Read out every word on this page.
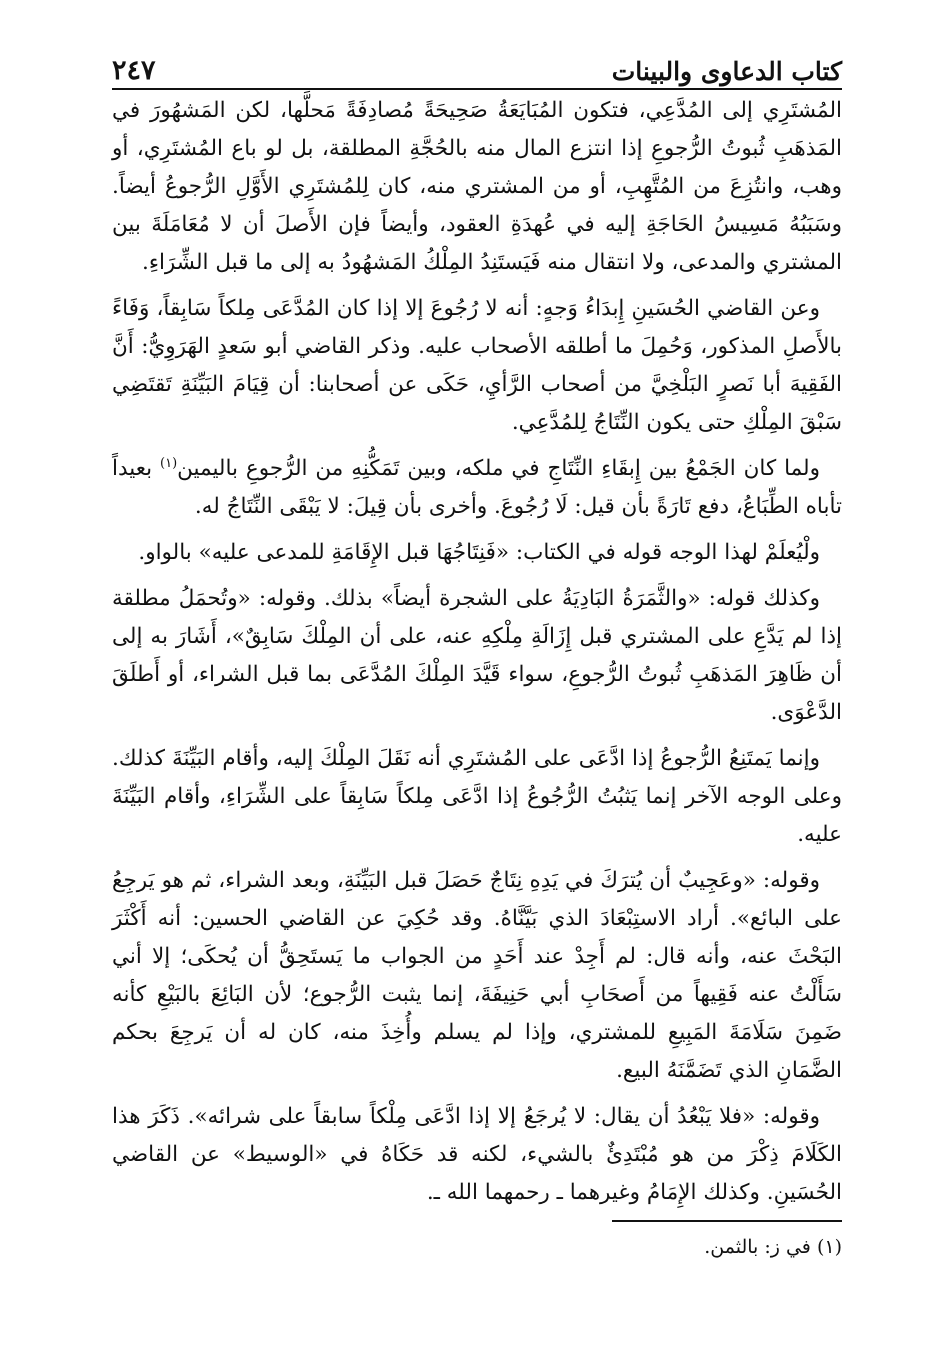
كتاب الدعاوى والبينات
٢٤٧

المُشتَرِي إلى المُدَّعِي، فتكون المُبَايَعَةُ صَحِيحَةً مُصادِفَةً مَحلَّها، لكن المَشهُورَ في المَذهَبِ ثُبوتُ الرُّجوعِ إذا انتزع المال منه بالحُجَّةِ المطلقة، بل لو باع المُشتَرِي، أو وهب، وانتُزِعَ من المُتَّهِبِ، أو من المشتري منه، كان لِلمُشتَرِي الأَوَّلِ الرُّجوعُ أيضاً. وسَبَبُهُ مَسِيسُ الحَاجَةِ إليه في عُهدَةِ العقود، وأيضاً فإن الأَصلَ أن لا مُعَامَلَةَ بين المشتري والمدعى، ولا انتقال منه فَيَستَنِدُ المِلْكُ المَشهُودُ به إلى ما قبل الشِّرَاءِ.

وعن القاضي الحُسَينِ إِبدَاءُ وَجهٍ: أنه لا رُجُوعَ إلا إذا كان المُدَّعَى مِلكاً سَابِقاً، وَفَاءً بالأَصلِ المذكور، وَحُمِلَ ما أطلقه الأصحاب عليه. وذكر القاضي أبو سَعدٍ الهَرَوِيُّ: أَنَّ الفَقِيهَ أبا نَصرٍ البَلْخِيَّ من أصحاب الرَّأيِ، حَكَى عن أصحابنا: أن قِيَامَ البَيِّنَةِ تَقتَضِي سَبْقَ المِلْكِ حتى يكون النِّتَاجُ لِلمُدَّعِي.

ولما كان الجَمْعُ بين إِبقَاءِ النِّتَاجِ في ملكه، وبين تَمَكُّنِهِ من الرُّجوعِ باليمين$^{(١)}$ بعيداً تأباه الطِّبَاعُ، دفع تَارَةً بأن قيل: لَا رُجُوعَ. وأخرى بأن قِيلَ: لا يَبْقَى النِّتَاجُ له.

ولْيُعلَمْ لهذا الوجه قوله في الكتاب: «فَنِتَاجُهَا قبل الإِقَامَةِ للمدعى عليه» بالواو.

وكذلك قوله: «والثَّمَرَةُ البَادِيَةُ على الشجرة أيضاً» بذلك. وقوله: «وتُحمَلُ مطلقة إذا لم يَدَّعِ على المشتري قبل إِزَالَةِ مِلْكِهِ عنه، على أن المِلْكَ سَابِقٌ»، أَشَارَ به إلى أن ظَاهِرَ المَذهَبِ ثُبوتُ الرُّجوعِ، سواء قَيَّدَ المِلْكَ المُدَّعَى بما قبل الشراء، أو أَطلَقَ الدَّعْوَى.

وإنما يَمتَنِعُ الرُّجوعُ إذا ادَّعَى على المُشتَرِي أنه نَقَلَ المِلْكَ إليه، وأقام البَيِّنَةَ كذلك. وعلى الوجه الآخر إنما يَثبُتُ الرُّجُوعُ إذا ادَّعَى مِلكاً سَابِقاً على الشِّرَاءِ، وأقام البَيِّنَةَ عليه.

وقوله: «وعَجِيبٌ أن يُترَكَ في يَدِهِ نِتَاجٌ حَصَلَ قبل البَيِّنَةِ، وبعد الشراء، ثم هو يَرجِعُ على البائع». أراد الاستِبْعَادَ الذي بَيَّنَّاهُ. وقد حُكِيَ عن القاضي الحسين: أنه أَكْثَرَ البَحْثَ عنه، وأنه قال: لم أَجِدْ عند أَحَدٍ من الجواب ما يَستَحِقُّ أن يُحكَى؛ إلا أني سَأَلْتُ عنه فَقِيهاً من أَصحَابِ أبي حَنِيفَةَ، إنما يثبت الرُّجوع؛ لأن البَائِعَ بالبَيْعِ كأنه ضَمِنَ سَلَامَةَ المَبِيعِ للمشتري، وإذا لم يسلم وأُخِذَ منه، كان له أن يَرجِعَ بحكم الضَّمَانِ الذي تَضَمَّنَهُ البيع.

وقوله: «فلا يَبْعُدُ أن يقال: لا يُرجَعُ إلا إذا ادَّعَى مِلْكاً سابقاً على شرائه». ذَكَرَ هذا الكَلَامَ ذِكْرَ من هو مُبْتَدِئٌ بالشيء، لكنه قد حَكَاهُ في «الوسيط» عن القاضي الحُسَينِ. وكذلك الإِمَامُ وغيرهما ـ رحمهما الله ـ.

(١) في ز: بالثمن.
